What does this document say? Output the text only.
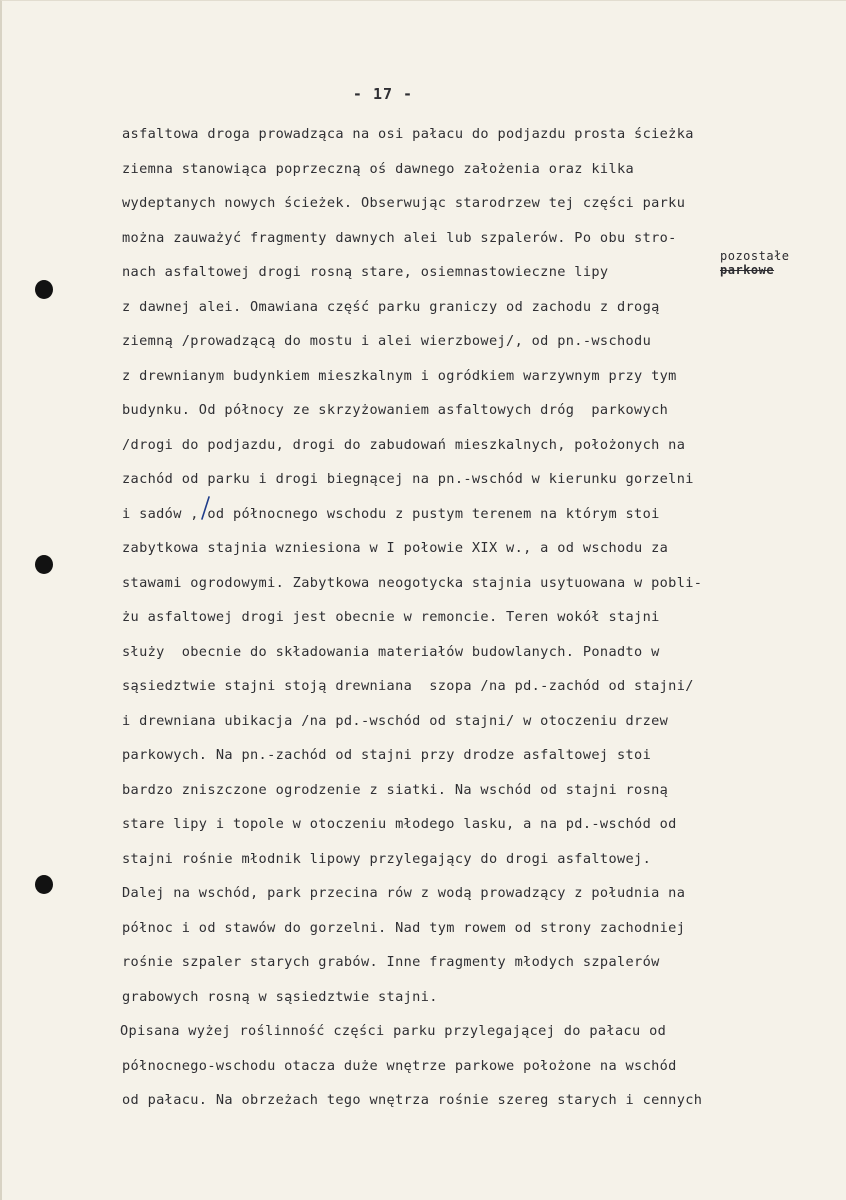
- 17 -
asfaltowa droga prowadząca na osi pałacu do podjazdu prosta ścieżka
ziemna stanowiąca poprzeczną oś dawnego założenia oraz kilka
wydeptanych nowych ścieżek. Obserwując starodrzew tej części parku
można zauważyć fragmenty dawnych alei lub szpalerów. Po obu stro-
nach asfaltowej drogi rosną stare, osiemnastowieczne lipy
z dawnej alei. Omawiana część parku graniczy od zachodu z drogą
ziemną /prowadzącą do mostu i alei wierzbowej/, od pn.-wschodu
z drewnianym budynkiem mieszkalnym i ogródkiem warzywnym przy tym
budynku. Od północy ze skrzyżowaniem asfaltowych dróg  parkowych
/drogi do podjazdu, drogi do zabudowań mieszkalnych, położonych na
zachód od parku i drogi biegnącej na pn.-wschód w kierunku gorzelni
i sadów , od północnego wschodu z pustym terenem na którym stoi
zabytkowa stajnia wzniesiona w I połowie XIX w., a od wschodu za
stawami ogrodowymi. Zabytkowa neogotycka stajnia usytuowana w pobli-
żu asfaltowej drogi jest obecnie w remoncie. Teren wokół stajni
służy  obecnie do składowania materiałów budowlanych. Ponadto w
sąsiedztwie stajni stoją drewniana  szopa /na pd.-zachód od stajni/
i drewniana ubikacja /na pd.-wschód od stajni/ w otoczeniu drzew
parkowych. Na pn.-zachód od stajni przy drodze asfaltowej stoi
bardzo zniszczone ogrodzenie z siatki. Na wschód od stajni rosną
stare lipy i topole w otoczeniu młodego lasku, a na pd.-wschód od
stajni rośnie młodnik lipowy przylegający do drogi asfaltowej.
Dalej na wschód, park przecina rów z wodą prowadzący z południa na
północ i od stawów do gorzelni. Nad tym rowem od strony zachodniej
rośnie szpaler starych grabów. Inne fragmenty młodych szpalerów
grabowych rosną w sąsiedztwie stajni.
Opisana wyżej roślinność części parku przylegającej do pałacu od
północnego-wschodu otacza duże wnętrze parkowe położone na wschód
od pałacu. Na obrzeżach tego wnętrza rośnie szereg starych i cennych
pozostałe
parkowe
